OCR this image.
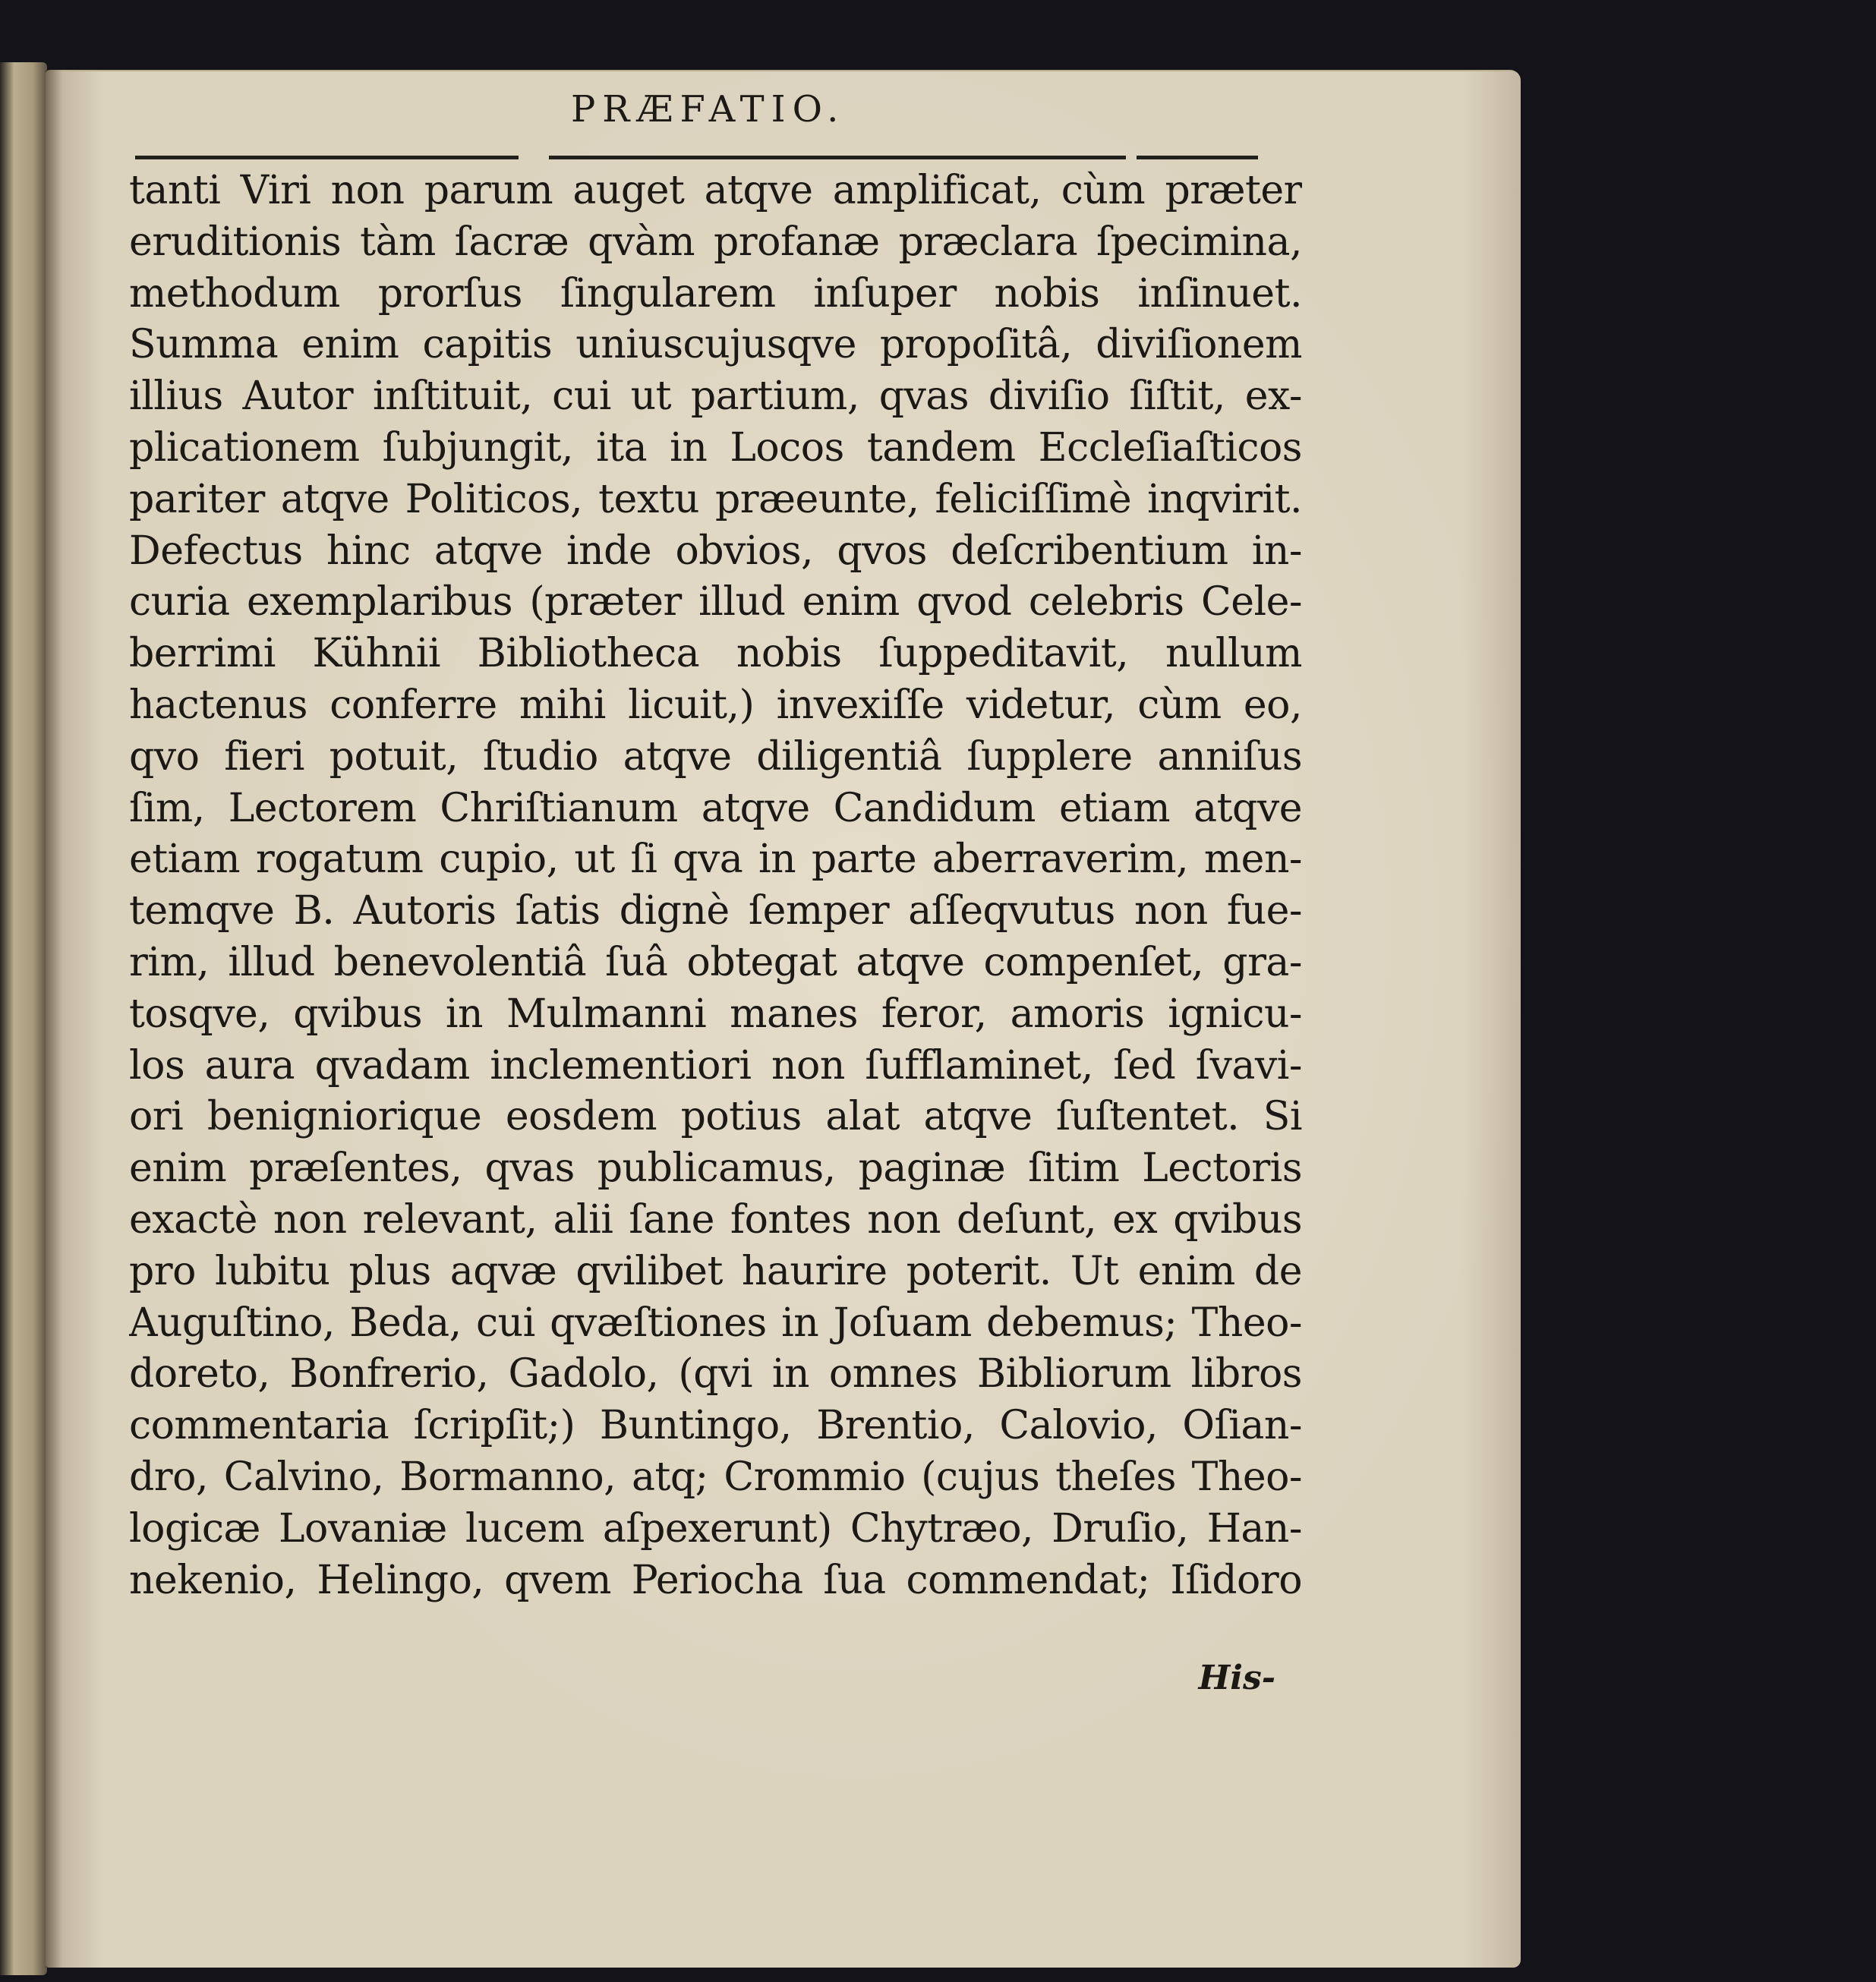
PRÆFATIO.
tanti Viri non parum auget atqve amplificat, cùm præter
eruditionis tàm ſacræ qvàm profanæ præclara ſpecimina,
methodum prorſus ſingularem inſuper nobis inſinuet.
Summa enim capitis uniuscujusqve propoſitâ, diviſionem
illius Autor inſtituit, cui ut partium, qvas diviſio ſiſtit, ex-
plicationem ſubjungit, ita in Locos tandem Eccleſiaſticos
pariter atqve Politicos, textu præeunte, feliciſſimè inqvirit.
Defectus hinc atqve inde obvios, qvos deſcribentium in-
curia exemplaribus (præter illud enim qvod celebris Cele-
berrimi Kühnii Bibliotheca nobis ſuppeditavit, nullum
hactenus conferre mihi licuit,) invexiſſe videtur, cùm eo,
qvo fieri potuit, ſtudio atqve diligentiâ ſupplere anniſus
ſim, Lectorem Chriſtianum atqve Candidum etiam atqve
etiam rogatum cupio, ut ſi qva in parte aberraverim, men-
temqve B. Autoris ſatis dignè ſemper aſſeqvutus non fue-
rim, illud benevolentiâ ſuâ obtegat atqve compenſet, gra-
tosqve, qvibus in Mulmanni manes feror, amoris ignicu-
los aura qvadam inclementiori non ſufflaminet, ſed ſvavi-
ori benigniorique eosdem potius alat atqve ſuſtentet. Si
enim præſentes, qvas publicamus, paginæ ſitim Lectoris
exactè non relevant, alii ſane fontes non deſunt, ex qvibus
pro lubitu plus aqvæ qvilibet haurire poterit. Ut enim de
Auguſtino, Beda, cui qvæſtiones in Joſuam debemus; Theo-
doreto, Bonfrerio, Gadolo, (qvi in omnes Bibliorum libros
commentaria ſcripſit;) Buntingo, Brentio, Calovio, Oſian-
dro, Calvino, Bormanno, atq; Crommio (cujus theſes Theo-
logicæ Lovaniæ lucem aſpexerunt) Chytræo, Druſio, Han-
nekenio, Helingo, qvem Periocha ſua commendat; Iſidoro
His-
